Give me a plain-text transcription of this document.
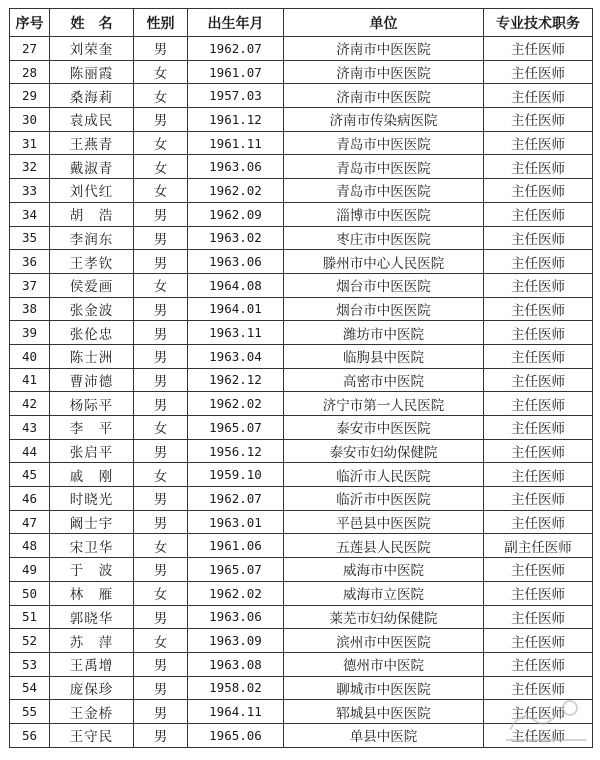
序号	姓　名	性别	出生年月	单位	专业技术职务
27	刘荣奎	男	1962.07	济南市中医医院	主任医师
28	陈丽霞	女	1961.07	济南市中医医院	主任医师
29	桑海莉	女	1957.03	济南市中医医院	主任医师
30	袁成民	男	1961.12	济南市传染病医院	主任医师
31	王燕青	女	1961.11	青岛市中医医院	主任医师
32	戴淑青	女	1963.06	青岛市中医医院	主任医师
33	刘代红	女	1962.02	青岛市中医医院	主任医师
34	胡　浩	男	1962.09	淄博市中医医院	主任医师
35	李润东	男	1963.02	枣庄市中医医院	主任医师
36	王孝钦	男	1963.06	滕州市中心人民医院	主任医师
37	侯爱画	女	1964.08	烟台市中医医院	主任医师
38	张金波	男	1964.01	烟台市中医医院	主任医师
39	张伦忠	男	1963.11	潍坊市中医院	主任医师
40	陈士洲	男	1963.04	临朐县中医院	主任医师
41	曹沛德	男	1962.12	高密市中医院	主任医师
42	杨际平	男	1962.02	济宁市第一人民医院	主任医师
43	李　平	女	1965.07	泰安市中医医院	主任医师
44	张启平	男	1956.12	泰安市妇幼保健院	主任医师
45	戚　刚	女	1959.10	临沂市人民医院	主任医师
46	时晓光	男	1962.07	临沂市中医医院	主任医师
47	阚士宇	男	1963.01	平邑县中医医院	主任医师
48	宋卫华	女	1961.06	五莲县人民医院	副主任医师
49	于　波	男	1965.07	威海市中医院	主任医师
50	林　雁	女	1962.02	威海市立医院	主任医师
51	郭晓华	男	1963.06	莱芜市妇幼保健院	主任医师
52	苏　萍	女	1963.09	滨州市中医医院	主任医师
53	王禹增	男	1963.08	德州市中医院	主任医师
54	庞保珍	男	1958.02	聊城市中医医院	主任医师
55	王金桥	男	1964.11	郓城县中医医院	主任医师
56	王守民	男	1965.06	单县中医院	主任医师
